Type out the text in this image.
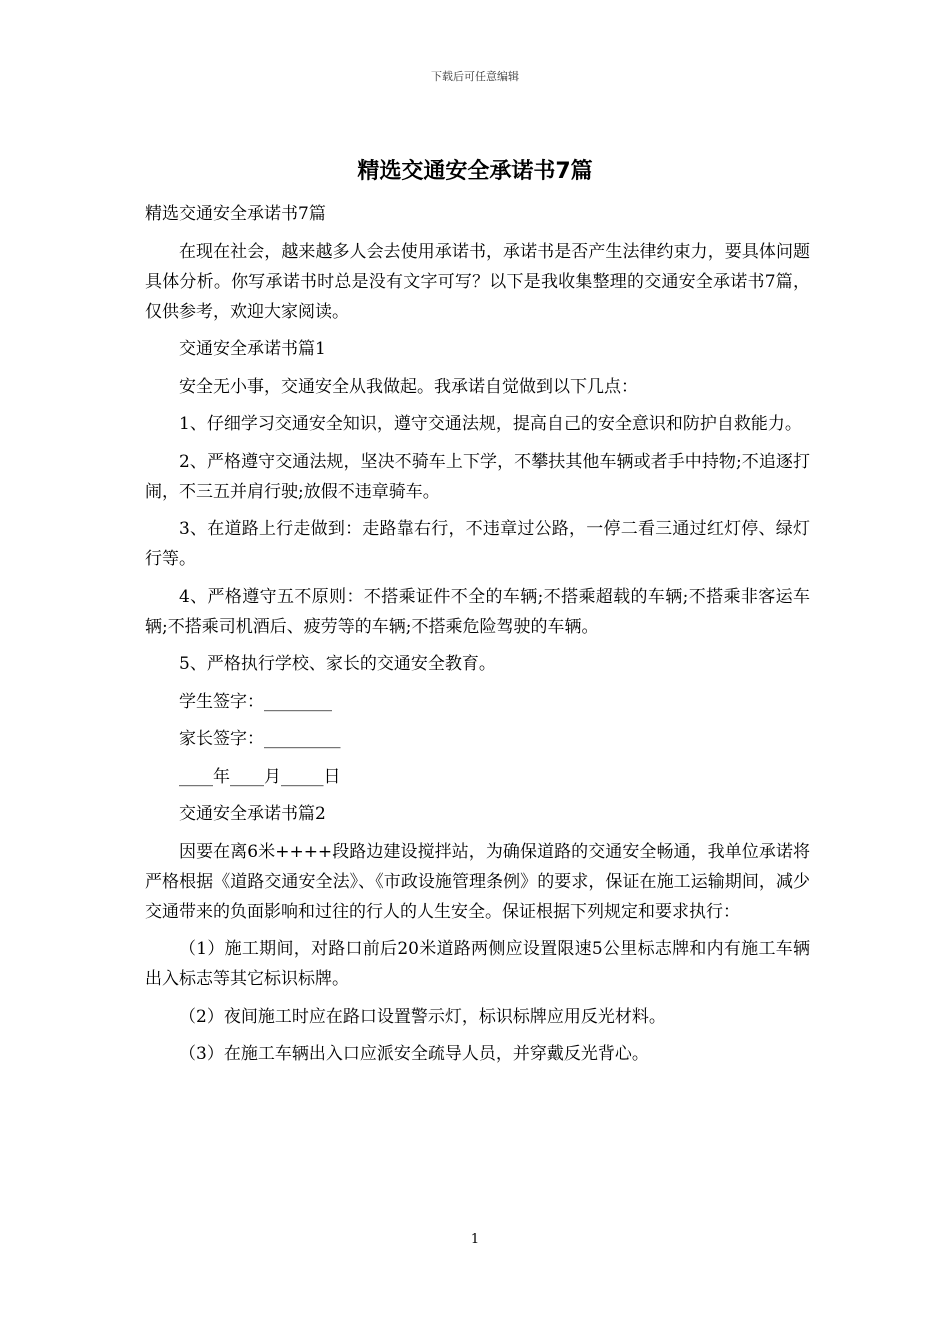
下载后可任意编辑
精选交通安全承诺书7篇

精选交通安全承诺书7篇

在现在社会，越来越多人会去使用承诺书，承诺书是否产生法律约束力，要具体问题具体分析。你写承诺书时总是没有文字可写？以下是我收集整理的交通安全承诺书7篇，仅供参考，欢迎大家阅读。

交通安全承诺书篇1

安全无小事，交通安全从我做起。我承诺自觉做到以下几点：

1、仔细学习交通安全知识，遵守交通法规，提高自己的安全意识和防护自救能力。

2、严格遵守交通法规，坚决不骑车上下学，不攀扶其他车辆或者手中持物;不追逐打闹，不三五并肩行驶;放假不违章骑车。

3、在道路上行走做到：走路靠右行，不违章过公路，一停二看三通过红灯停、绿灯行等。

4、严格遵守五不原则：不搭乘证件不全的车辆;不搭乘超载的车辆;不搭乘非客运车辆;不搭乘司机酒后、疲劳等的车辆;不搭乘危险驾驶的车辆。

5、严格执行学校、家长的交通安全教育。

学生签字：________

家长签字：_________

____年____月_____日

交通安全承诺书篇2

因要在离6米++++段路边建设搅拌站，为确保道路的交通安全畅通，我单位承诺将严格根据《道路交通安全法》、《市政设施管理条例》的要求，保证在施工运输期间，减少交通带来的负面影响和过往的行人的人生安全。保证根据下列规定和要求执行：

（1）施工期间，对路口前后20米道路两侧应设置限速5公里标志牌和内有施工车辆出入标志等其它标识标牌。

（2）夜间施工时应在路口设置警示灯，标识标牌应用反光材料。

（3）在施工车辆出入口应派安全疏导人员，并穿戴反光背心。

1
